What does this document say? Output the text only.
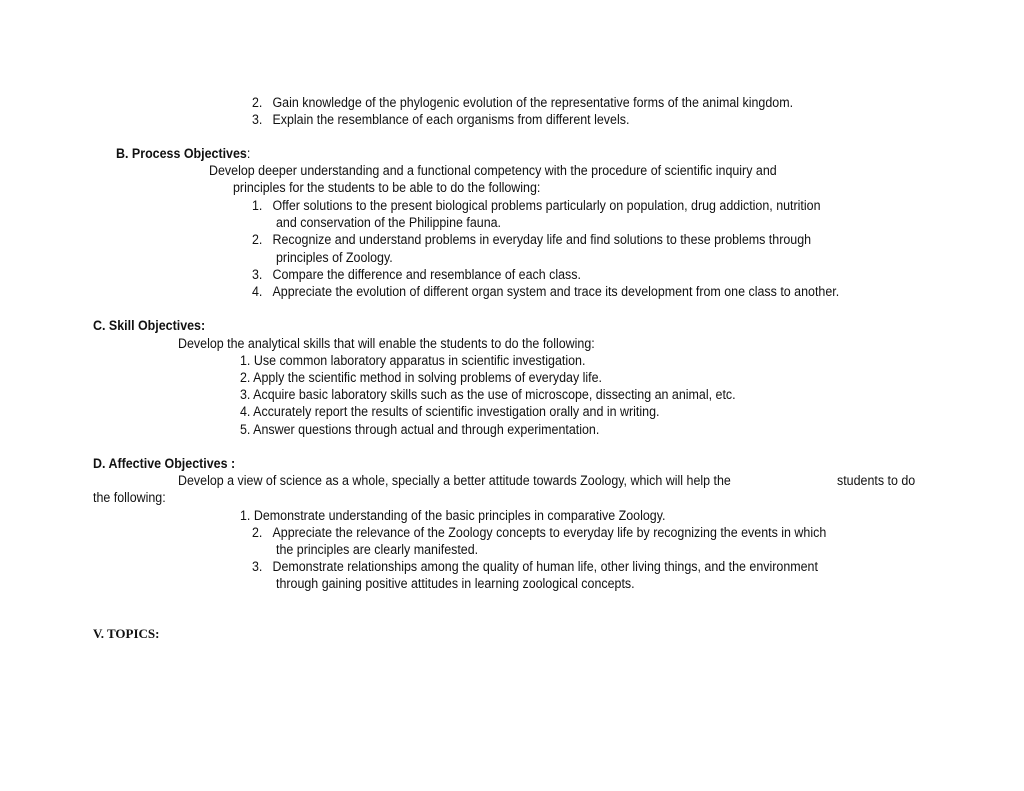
2. Gain knowledge of the phylogenic evolution of the representative forms of the animal kingdom.
3. Explain the resemblance of each organisms from different levels.
B. Process Objectives:
Develop deeper understanding and a functional competency with the procedure of scientific inquiry and
principles for the students to be able to do the following:
1. Offer solutions to the present biological problems particularly on population, drug addiction, nutrition
and conservation of the Philippine fauna.
2. Recognize and understand problems in everyday life and find solutions to these problems through
principles of Zoology.
3. Compare the difference and resemblance of each class.
4. Appreciate the evolution of different organ system and trace its development from one class to another.
C. Skill Objectives:
Develop the analytical skills that will enable the students to do the following:
1. Use common laboratory apparatus in scientific investigation.
2. Apply the scientific method in solving problems of everyday life.
3. Acquire basic laboratory skills such as the use of microscope, dissecting an animal, etc.
4. Accurately report the results of scientific investigation orally and in writing.
5. Answer questions through actual and through experimentation.
D. Affective Objectives :
Develop a view of science as a whole, specially a better attitude towards Zoology, which will help the	students to do
the following:
1. Demonstrate understanding of the basic principles in comparative Zoology.
2. Appreciate the relevance of the Zoology concepts to everyday life by recognizing the events in which
the principles are clearly manifested.
3. Demonstrate relationships among the quality of human life, other living things, and the environment
through gaining positive attitudes in learning zoological concepts.
V. TOPICS:
